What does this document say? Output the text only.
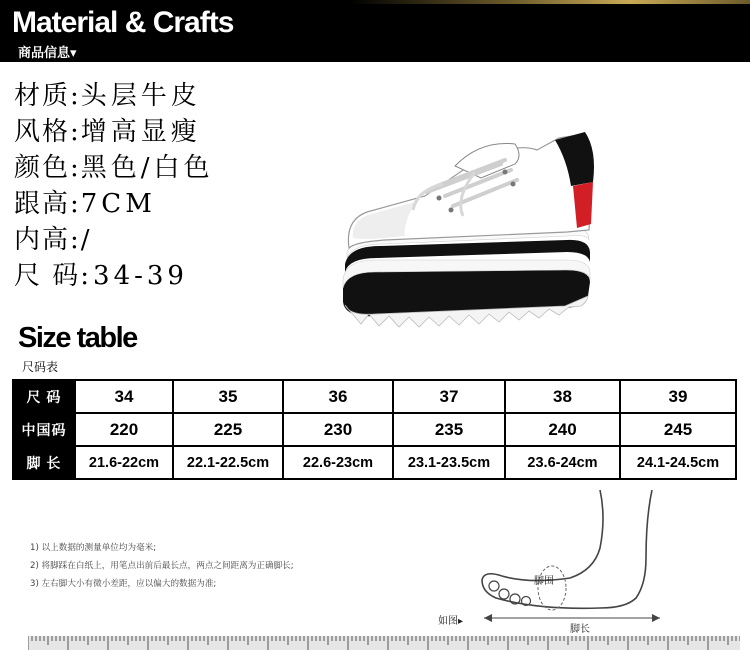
Material & Crafts
商品信息▾
材质:头层牛皮
风格:增高显瘦
颜色:黑色/白色
跟高:7CM
内高:/
尺 码:34-39
Size table
尺码表
尺 码	34	35	36	37	38	39
中国码	220	225	230	235	240	245
脚 长	21.6-22cm	22.1-22.5cm	22.6-23cm	23.1-23.5cm	23.6-24cm	24.1-24.5cm
1) 以上数据的测量单位均为毫米;
2) 将脚踩在白纸上，用笔点出前后最长点，两点之间距离为正确脚长;
3) 左右脚大小有微小差距，应以偏大的数据为准;	脚围
如图▸
脚长
